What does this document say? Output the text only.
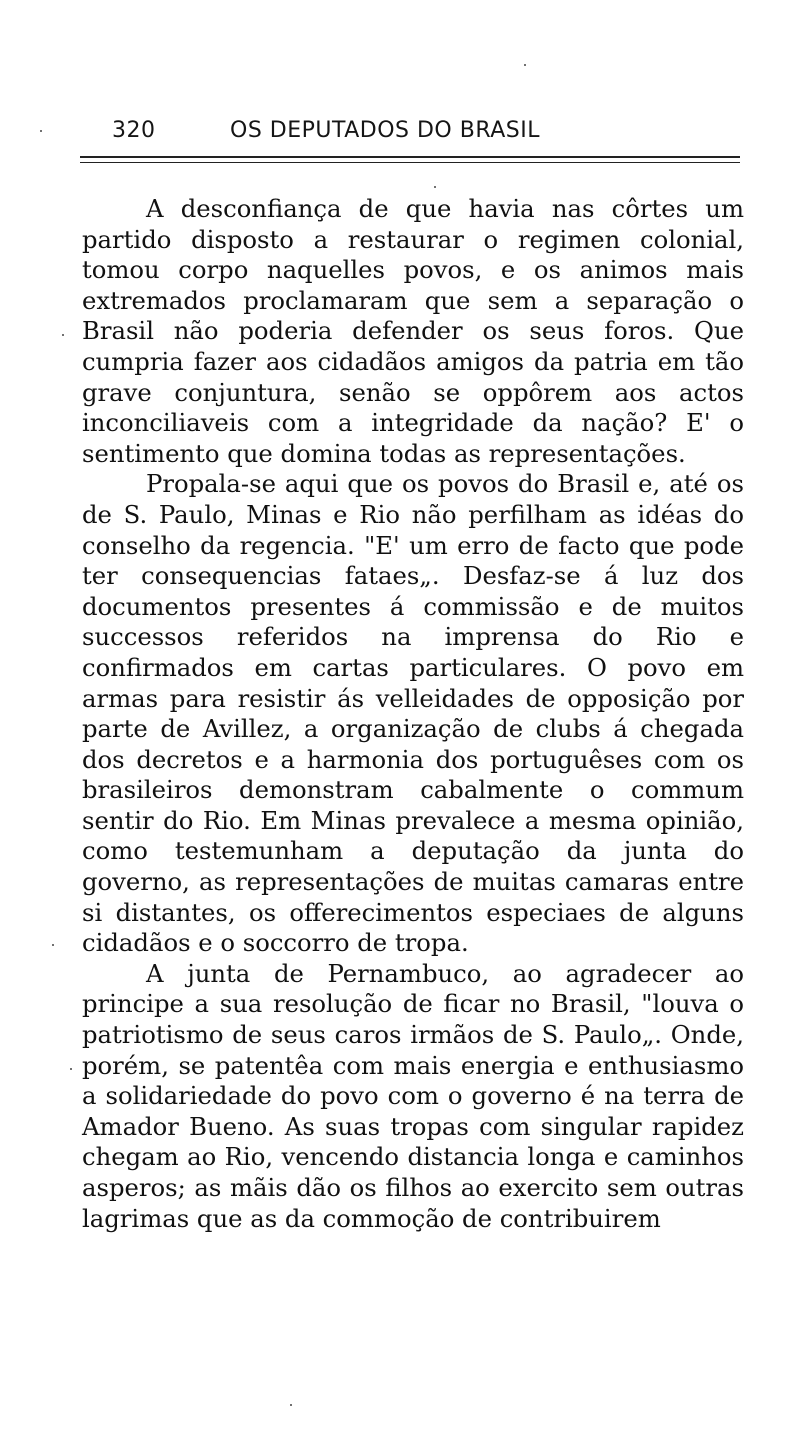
320	OS DEPUTADOS DO BRASIL

A desconfiança de que havia nas côrtes um partido disposto a restaurar o regimen colonial, tomou corpo naquelles povos, e os animos mais extremados proclamaram que sem a separação o Brasil não poderia defender os seus foros. Que cumpria fazer aos cidadãos amigos da patria em tão grave conjuntura, senão se oppôrem aos actos inconciliaveis com a integridade da nação? E' o sentimento que domina todas as representações.

Propala-se aqui que os povos do Brasil e, até os de S. Paulo, Minas e Rio não perfilham as idéas do conselho da regencia. "E' um erro de facto que pode ter consequencias fataes„. Desfaz-se á luz dos documentos presentes á commissão e de muitos successos referidos na imprensa do Rio e confirmados em cartas particulares. O povo em armas para resistir ás velleidades de opposição por parte de Avillez, a organização de clubs á chegada dos decretos e a harmonia dos portuguêses com os brasileiros demonstram cabalmente o commum sentir do Rio. Em Minas prevalece a mesma opinião, como testemunham a deputação da junta do governo, as representações de muitas camaras entre si distantes, os offerecimentos especiaes de alguns cidadãos e o soccorro de tropa.

A junta de Pernambuco, ao agradecer ao principe a sua resolução de ficar no Brasil, "louva o patriotismo de seus caros irmãos de S. Paulo„. Onde, porém, se patentêa com mais energia e enthusiasmo a solidariedade do povo com o governo é na terra de Amador Bueno. As suas tropas com singular rapidez chegam ao Rio, vencendo distancia longa e caminhos asperos; as mãis dão os filhos ao exercito sem outras lagrimas que as da commoção de contribuirem
